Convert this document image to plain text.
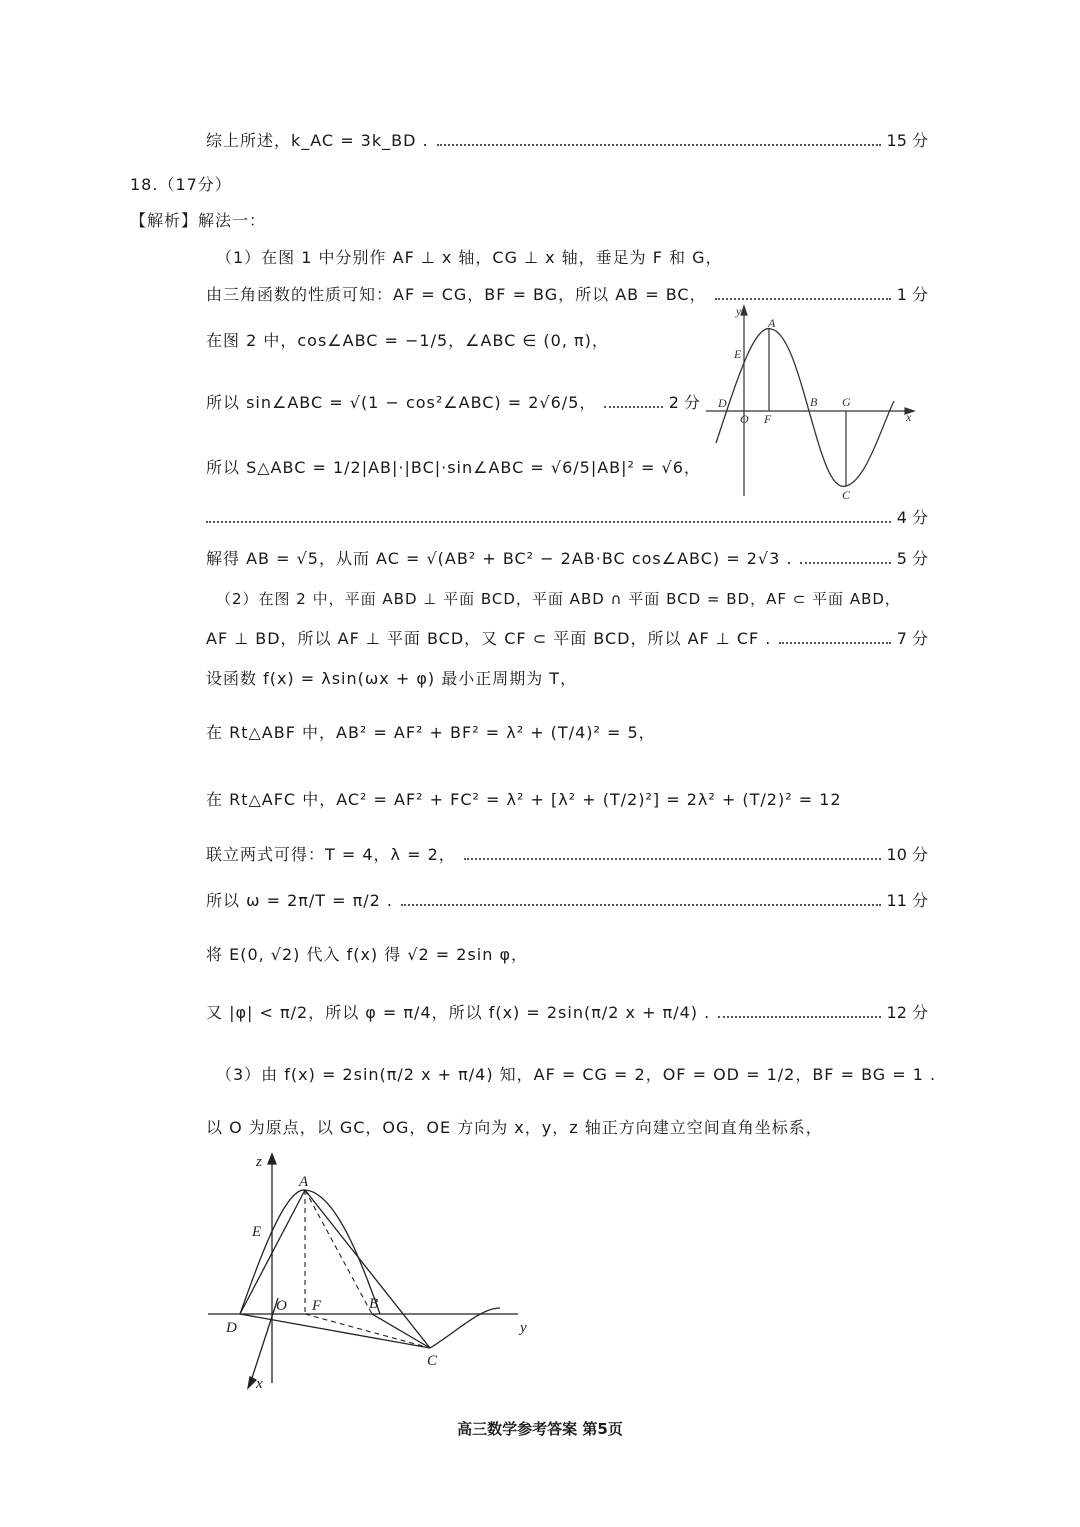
综上所述，k_AC = 3k_BD .	15 分
18.（17分）
【解析】解法一：
（1）在图 1 中分别作 AF ⊥ x 轴，CG ⊥ x 轴，垂足为 F 和 G，
由三角函数的性质可知：AF = CG，BF = BG，所以 AB = BC，	1 分
在图 2 中，cos∠ABC = −1/5，∠ABC ∈ (0, π)，
所以 sin∠ABC = √(1 − cos²∠ABC) = 2√6/5，	2 分
所以 S△ABC = 1/2|AB|·|BC|·sin∠ABC = √6/5|AB|² = √6，
4 分
解得 AB = √5，从而 AC = √(AB² + BC² − 2AB·BC cos∠ABC) = 2√3 .	5 分
（2）在图 2 中，平面 ABD ⊥ 平面 BCD，平面 ABD ∩ 平面 BCD = BD，AF ⊂ 平面 ABD，
AF ⊥ BD，所以 AF ⊥ 平面 BCD，又 CF ⊂ 平面 BCD，所以 AF ⊥ CF .	7 分
设函数 f(x) = λsin(ωx + φ) 最小正周期为 T，
在 Rt△ABF 中，AB² = AF² + BF² = λ² + (T/4)² = 5，
在 Rt△AFC 中，AC² = AF² + FC² = λ² + [λ² + (T/2)²] = 2λ² + (T/2)² = 12
联立两式可得：T = 4，λ = 2，	10 分
所以 ω = 2π/T = π/2 .	11 分
将 E(0, √2) 代入 f(x) 得 √2 = 2sin φ，
又 |φ| < π/2，所以 φ = π/4，所以 f(x) = 2sin(π/2 x + π/4) .	12 分
（3）由 f(x) = 2sin(π/2 x + π/4) 知，AF = CG = 2，OF = OD = 1/2，BF = BG = 1 .
以 O 为原点，以 GC，OG，OE 方向为 x，y，z 轴正方向建立空间直角坐标系，
y
A
E
D
O F
B G
x
C
z
A
E
O F	B
D	y
C
x
高三数学参考答案 第5页
